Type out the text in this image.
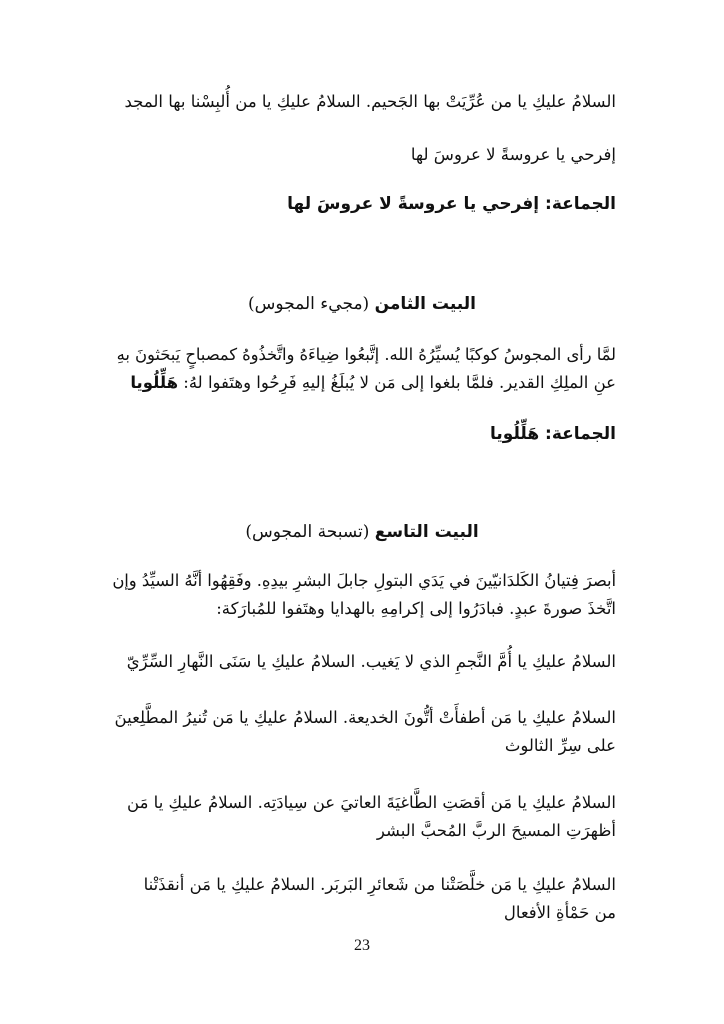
السلامُ عليكِ يا من عُرِّيَتْ بها الجَحيم. السلامُ عليكِ يا من أُلبِسْنا بها المجد
إفرحي يا عروسةً لا عروسَ لها
الجماعة: إفرحي يا عروسةً لا عروسَ لها
البيت الثامن (مجيء المجوس)
لمَّا رأى المجوسُ كوكبًا يُسيِّرُهُ الله. إتَّبعُوا ضِياءَهُ واتَّخذُوهُ كمصباحٍ يَبحَثونَ بهِ
عنِ الملِكِ القدير. فلمَّا بلغوا إلى مَن لا يُبلَغُ إليهِ فَرِحُوا وهتَفوا لهُ: هَلِّلُويا
الجماعة: هَلِّلُويا
البيت التاسع (تسبحة المجوس)
أبصرَ فِتيانُ الكَلدَانيّينَ في يَدَي البتولِ جابلَ البشرِ بيدِهِ. وفَقِهُوا أنَّهُ السيِّدُ وإن
اتَّخذَ صورةَ عبدٍ. فبادَرُوا إلى إكرامِهِ بالهدايا وهتَفوا للمُبارَكة:
السلامُ عليكِ يا أُمَّ النَّجمِ الذي لا يَغيب. السلامُ عليكِ يا سَنَى النَّهارِ السِّرِّيّ
السلامُ عليكِ يا مَن أطفأَتْ أتُّونَ الخديعة. السلامُ عليكِ يا مَن تُنيرُ المطَّلِعينَ
على سِرِّ الثالوث
السلامُ عليكِ يا مَن أقصَتِ الطَّاغيَةَ العاتيَ عن سِيادَتِه. السلامُ عليكِ يا مَن
أظهرَتِ المسيحَ الربَّ المُحبَّ البشر
السلامُ عليكِ يا مَن خلَّصَتْنا من شَعائرِ البَربَر. السلامُ عليكِ يا مَن أنقذَتْنا
من حَمْأةِ الأفعال
23
